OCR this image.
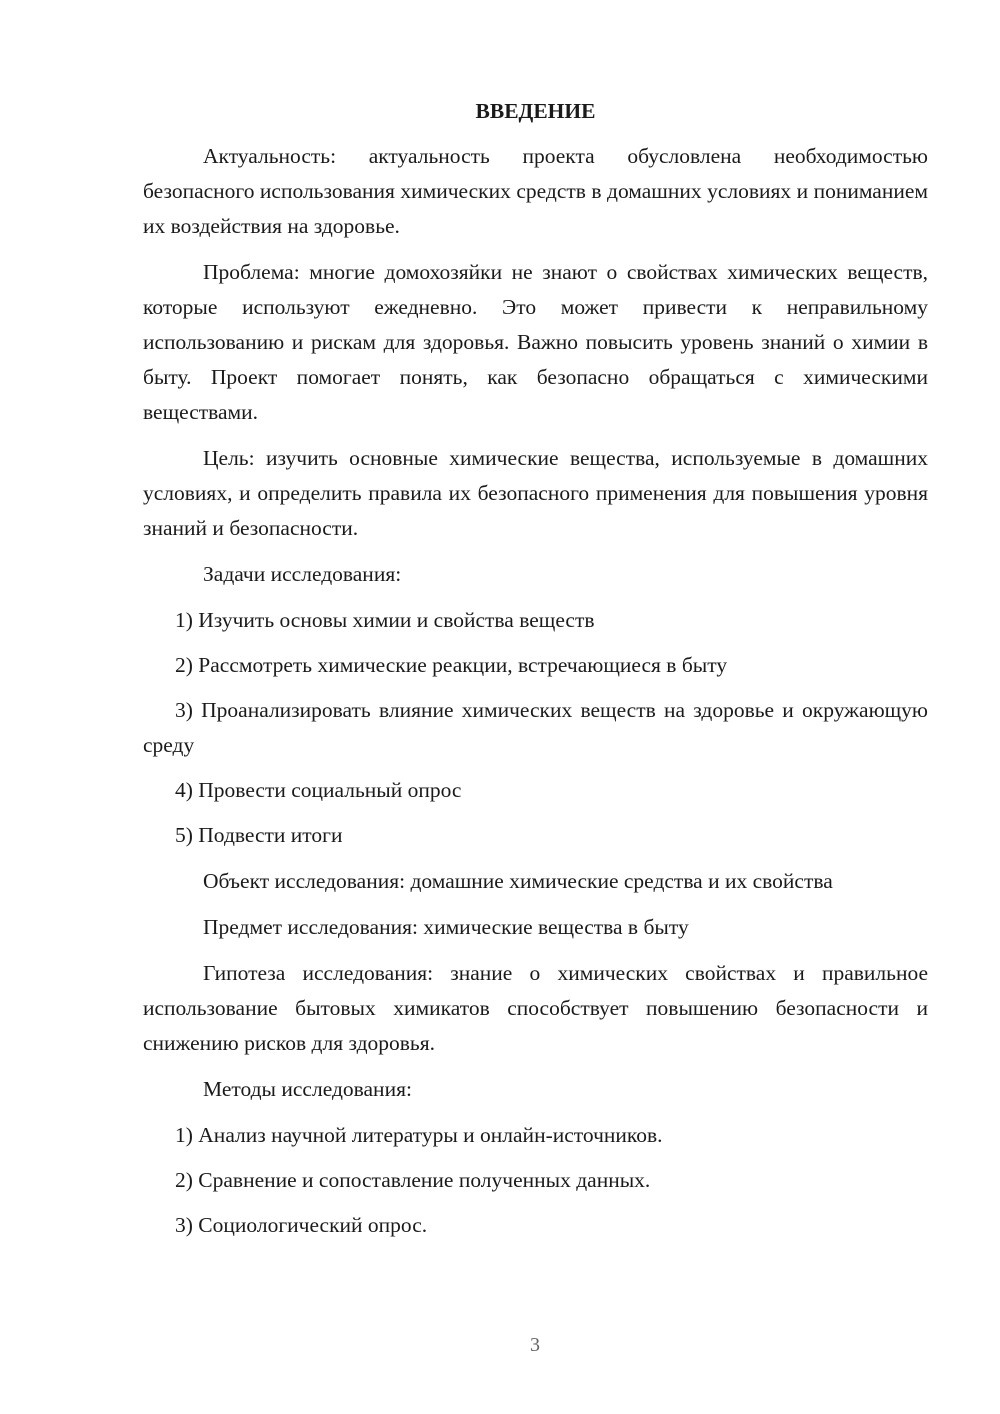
ВВЕДЕНИЕ

Актуальность: актуальность проекта обусловлена необходимостью безопасного использования химических средств в домашних условиях и пониманием их воздействия на здоровье.

Проблема: многие домохозяйки не знают о свойствах химических веществ, которые используют ежедневно. Это может привести к неправильному использованию и рискам для здоровья. Важно повысить уровень знаний о химии в быту. Проект помогает понять, как безопасно обращаться с химическими веществами.

Цель: изучить основные химические вещества, используемые в домашних условиях, и определить правила их безопасного применения для повышения уровня знаний и безопасности.

Задачи исследования:

1) Изучить основы химии и свойства веществ
2) Рассмотреть химические реакции, встречающиеся в быту
3) Проанализировать влияние химических веществ на здоровье и окружающую среду
4) Провести социальный опрос
5) Подвести итоги

Объект исследования: домашние химические средства и их свойства

Предмет исследования: химические вещества в быту

Гипотеза исследования: знание о химических свойствах и правильное использование бытовых химикатов способствует повышению безопасности и снижению рисков для здоровья.

Методы исследования:

1) Анализ научной литературы и онлайн-источников.
2) Сравнение и сопоставление полученных данных.
3) Социологический опрос.
3
